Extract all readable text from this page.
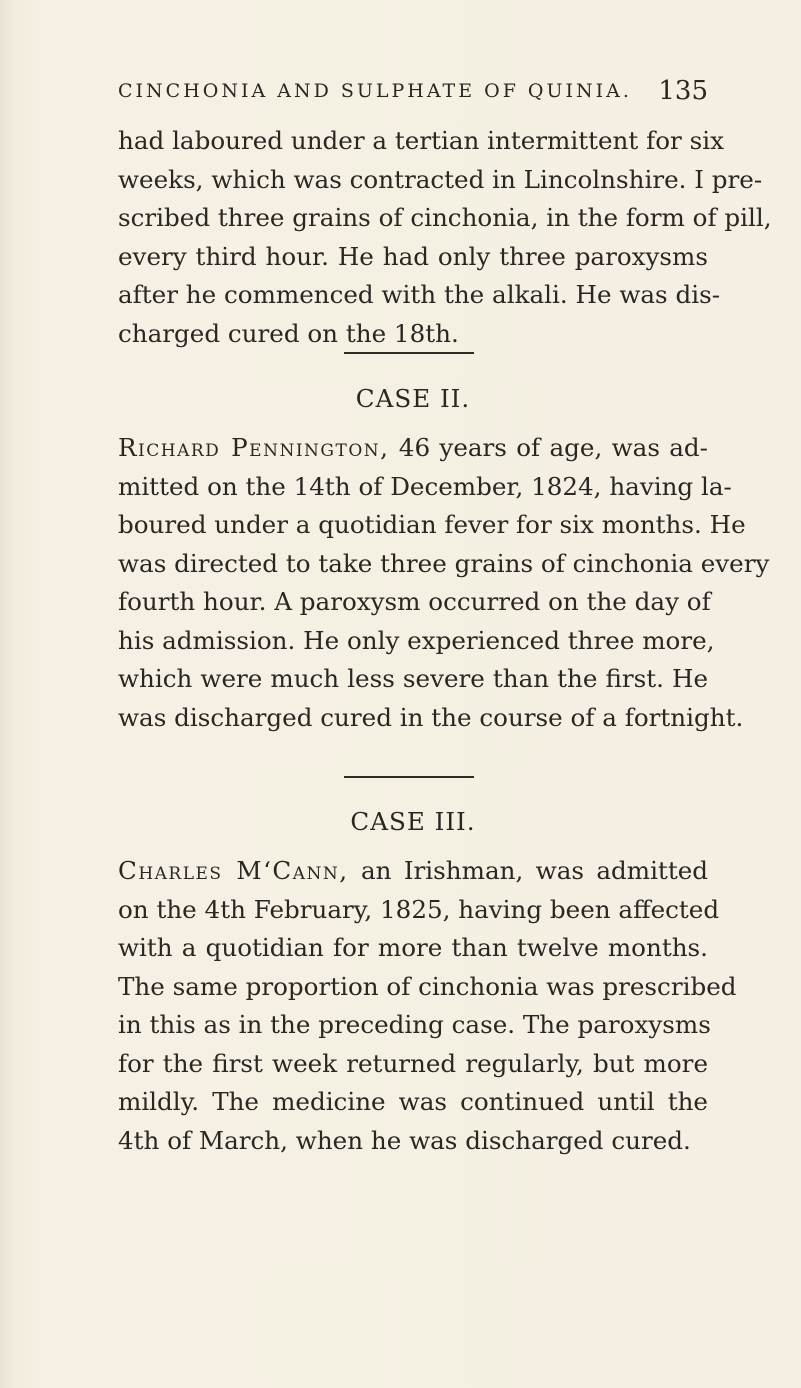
CINCHONIA AND SULPHATE OF QUINIA. 135

had laboured under a tertian intermittent for six
weeks, which was contracted in Lincolnshire. I pre-
scribed three grains of cinchonia, in the form of pill,
every third hour. He had only three paroxysms
after he commenced with the alkali. He was dis-
charged cured on the 18th.

CASE II.

Richard Pennington, 46 years of age, was ad-
mitted on the 14th of December, 1824, having la-
boured under a quotidian fever for six months. He
was directed to take three grains of cinchonia every
fourth hour. A paroxysm occurred on the day of
his admission. He only experienced three more,
which were much less severe than the first. He
was discharged cured in the course of a fortnight.

CASE III.

Charles M‘Cann, an Irishman, was admitted
on the 4th February, 1825, having been affected
with a quotidian for more than twelve months.
The same proportion of cinchonia was prescribed
in this as in the preceding case. The paroxysms
for the first week returned regularly, but more
mildly. The medicine was continued until the
4th of March, when he was discharged cured.
